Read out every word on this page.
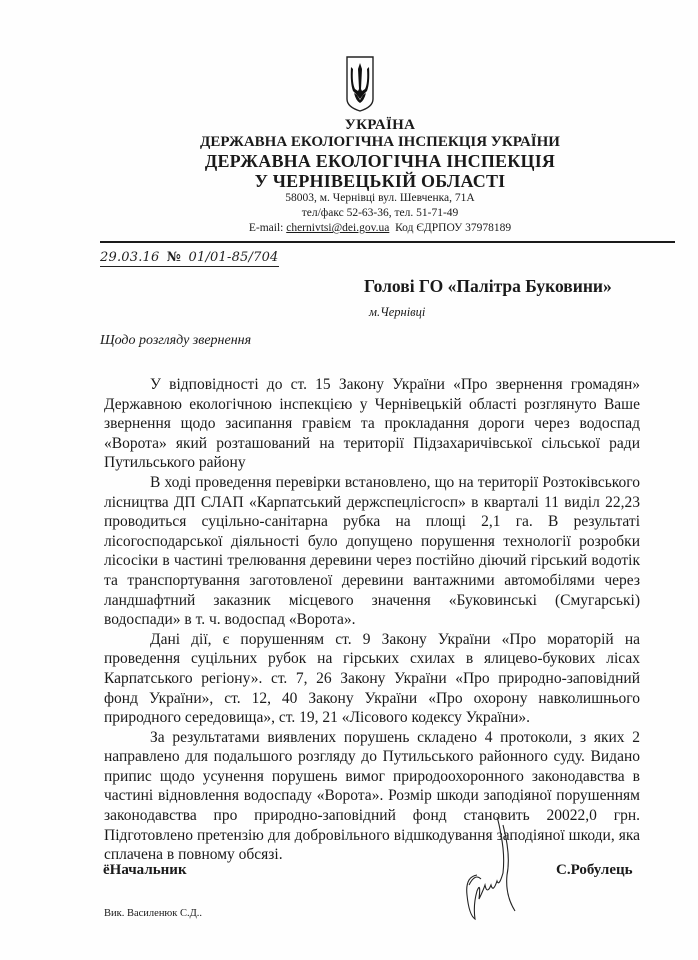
УКРАЇНА
ДЕРЖАВНА ЕКОЛОГІЧНА ІНСПЕКЦІЯ УКРАЇНИ
ДЕРЖАВНА ЕКОЛОГІЧНА ІНСПЕКЦІЯ
У ЧЕРНІВЕЦЬКІЙ ОБЛАСТІ
58003, м. Чернівці вул. Шевченка, 71А
тел/факс 52-63-36, тел. 51-71-49
E-mail: chernivtsi@dei.gov.ua Код ЄДРПОУ 37978189
29.03.16 № 01/01-85/704
Голові ГО «Палітра Буковини»
м.Чернівці
Щодо розгляду звернення

У відповідності до ст. 15 Закону України «Про звернення громадян» Державною екологічною інспекцією у Чернівецькій області розглянуто Ваше звернення щодо засипання гравієм та прокладання дороги через водоспад «Ворота» який розташований на території Підзахаричівської сільської ради Путильського району

В ході проведення перевірки встановлено, що на території Розтоківського лісництва ДП СЛАП «Карпатський держспецлісгосп» в кварталі 11 виділ 22,23 проводиться суцільно-санітарна рубка на площі 2,1 га. В результаті лісогосподарської діяльності було допущено порушення технології розробки лісосіки в частині трелювання деревини через постійно діючий гірський водотік та транспортування заготовленої деревини вантажними автомобілями через ландшафтний заказник місцевого значення «Буковинські (Смугарські) водоспади» в т. ч. водоспад «Ворота».

Дані дії, є порушенням ст. 9 Закону України «Про мораторій на проведення суцільних рубок на гірських схилах в ялицево-букових лісах Карпатського регіону». ст. 7, 26 Закону України «Про природно-заповідний фонд України», ст. 12, 40 Закону України «Про охорону навколишнього природного середовища», ст. 19, 21 «Лісового кодексу України».

За результатами виявлених порушень складено 4 протоколи, з яких 2 направлено для подальшого розгляду до Путильського районного суду. Видано припис щодо усунення порушень вимог природоохоронного законодавства в частині відновлення водоспаду «Ворота». Розмір шкоди заподіяної порушенням законодавства про природно-заповідний фонд становить 20022,0 грн. Підготовлено претензію для добровільного відшкодування заподіяної шкоди, яка сплачена в повному обсязі.

ёНачальник	С.Робулець
Вик. Василенюк С.Д..
